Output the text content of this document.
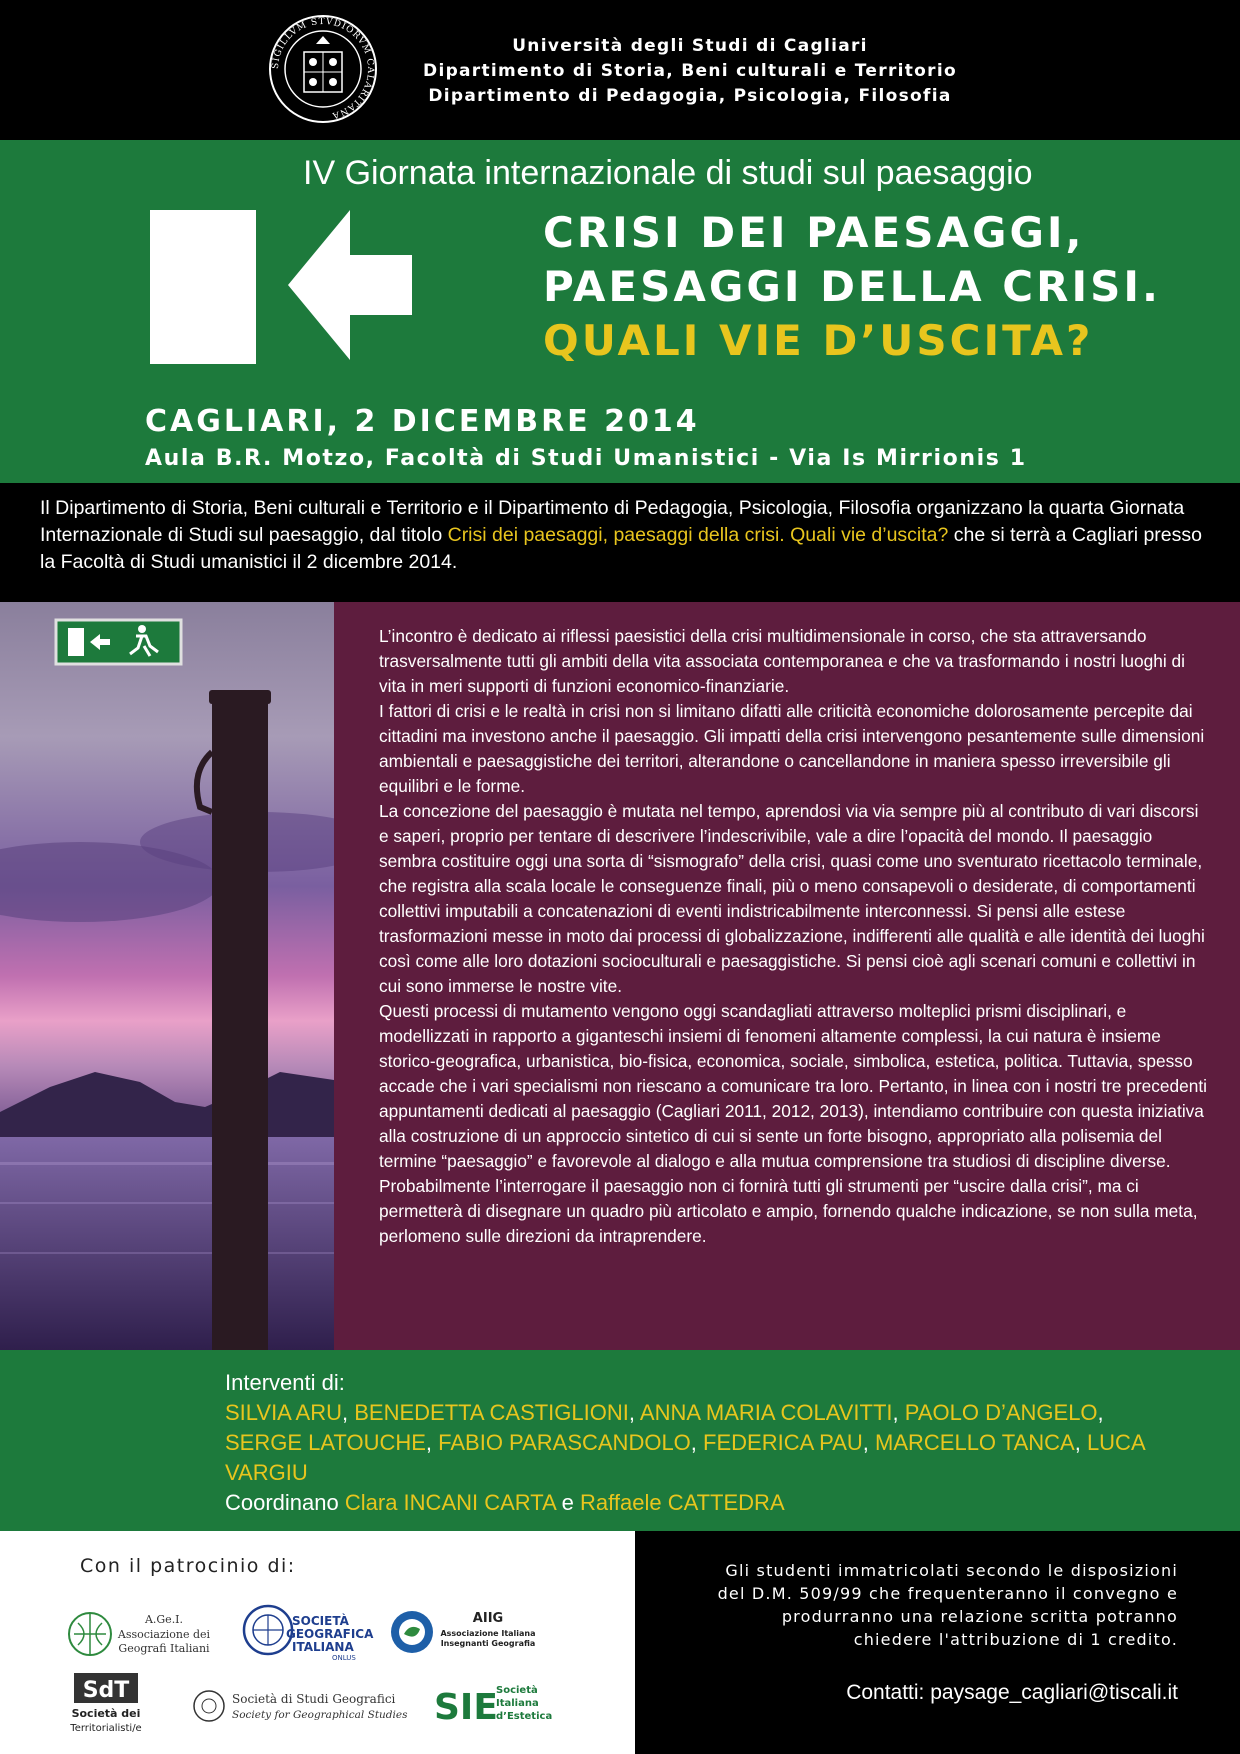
SIGILLVM STVDIORVM CALARITANA
Università degli Studi di Cagliari
Dipartimento di Storia, Beni culturali e Territorio
Dipartimento di Pedagogia, Psicologia, Filosofia
IV Giornata internazionale di studi sul paesaggio
CRISI DEI PAESAGGI,
PAESAGGI DELLA CRISI.
QUALI VIE D’USCITA?
CAGLIARI, 2 DICEMBRE 2014
Aula B.R. Motzo, Facoltà di Studi Umanistici - Via Is Mirrionis 1

Il Dipartimento di Storia, Beni culturali e Territorio e il Dipartimento di Pedagogia, Psicologia, Filosofia organizzano la quarta Giornata Internazionale di Studi sul paesaggio, dal titolo Crisi dei paesaggi, paesaggi della crisi. Quali vie d’uscita? che si terrà a Cagliari presso la Facoltà di Studi umanistici il 2 dicembre 2014.

L’incontro è dedicato ai riflessi paesistici della crisi multidimensionale in corso, che sta attraversando trasversalmente tutti gli ambiti della vita associata contemporanea e che va trasformando i nostri luoghi di vita in meri supporti di funzioni economico-finanziarie.

I fattori di crisi e le realtà in crisi non si limitano difatti alle criticità economiche dolorosamente percepite dai cittadini ma investono anche il paesaggio. Gli impatti della crisi intervengono pesantemente sulle dimensioni ambientali e paesaggistiche dei territori, alterandone o cancellandone in maniera spesso irreversibile gli equilibri e le forme.

La concezione del paesaggio è mutata nel tempo, aprendosi via via sempre più al contributo di vari discorsi e saperi, proprio per tentare di descrivere l’indescrivibile, vale a dire l’opacità del mondo. Il paesaggio sembra costituire oggi una sorta di “sismografo” della crisi, quasi come uno sventurato ricettacolo terminale, che registra alla scala locale le conseguenze finali, più o meno consapevoli o desiderate, di comportamenti collettivi imputabili a concatenazioni di eventi indistricabilmente interconnessi. Si pensi alle estese trasformazioni messe in moto dai processi di globalizzazione, indifferenti alle qualità e alle identità dei luoghi così come alle loro dotazioni socioculturali e paesaggistiche. Si pensi cioè agli scenari comuni e collettivi in cui sono immerse le nostre vite.

Questi processi di mutamento vengono oggi scandagliati attraverso molteplici prismi disciplinari, e modellizzati in rapporto a giganteschi insiemi di fenomeni altamente complessi, la cui natura è insieme storico-geografica, urbanistica, bio-fisica, economica, sociale, simbolica, estetica, politica. Tuttavia, spesso accade che i vari specialismi non riescano a comunicare tra loro. Pertanto, in linea con i nostri tre precedenti appuntamenti dedicati al paesaggio (Cagliari 2011, 2012, 2013), intendiamo contribuire con questa iniziativa alla costruzione di un approccio sintetico di cui si sente un forte bisogno, appropriato alla polisemia del termine “paesaggio” e favorevole al dialogo e alla mutua comprensione tra studiosi di discipline diverse. Probabilmente l’interrogare il paesaggio non ci fornirà tutti gli strumenti per “uscire dalla crisi”, ma ci permetterà di disegnare un quadro più articolato e ampio, fornendo qualche indicazione, se non sulla meta, perlomeno sulle direzioni da intraprendere.

Interventi di:
SILVIA ARU, BENEDETTA CASTIGLIONI, ANNA MARIA COLAVITTI, PAOLO D’ANGELO,
SERGE LATOUCHE, FABIO PARASCANDOLO, FEDERICA PAU, MARCELLO TANCA, LUCA VARGIU
Coordinano Clara INCANI CARTA e Raffaele CATTEDRA
Con il patrocinio di:
A.Ge.I.
Associazione dei
Geografi Italiani
SOCIETÀ
GEOGRAFICA
ITALIANA
ONLUS
AIIG
Associazione Italiana
Insegnanti Geografia
SdT
Società dei
Territorialisti/e
Società di Studi Geografici
Society for Geographical Studies SIE
Società
Italiana
d’Estetica
Gli studenti immatricolati secondo le disposizioni
del D.M. 509/99 che frequenteranno il convegno e
produrranno una relazione scritta potranno
chiedere l'attribuzione di 1 credito.
Contatti: paysage_cagliari@tiscali.it
